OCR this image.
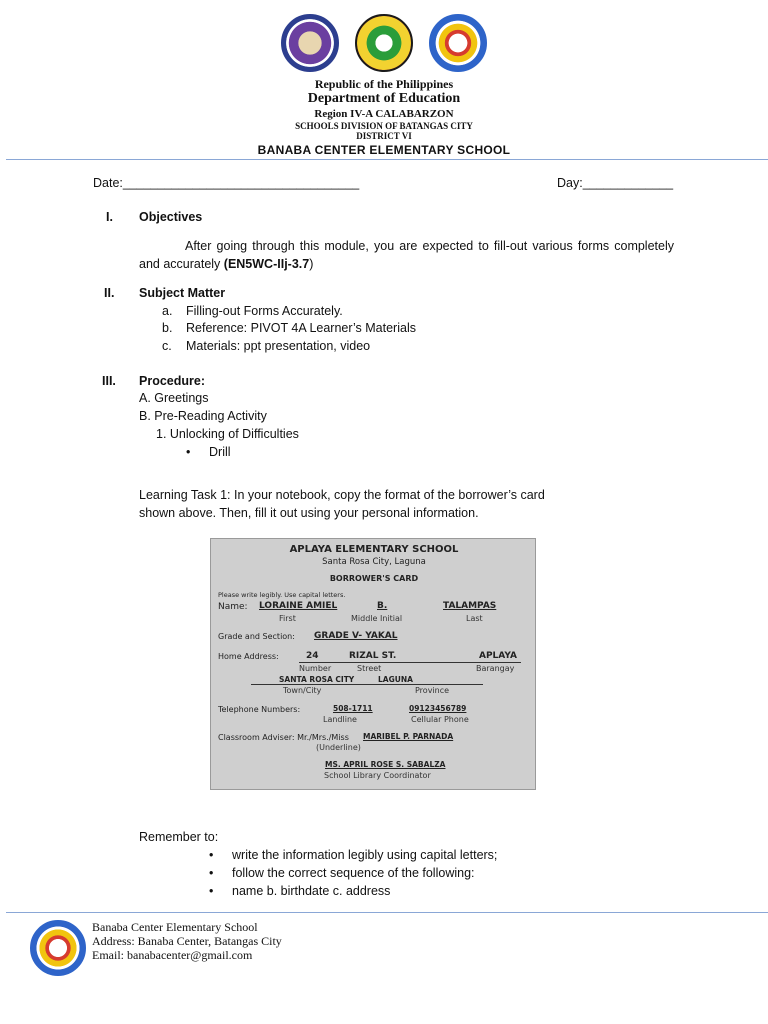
Republic of the Philippines
Department of Education
Region IV-A CALABARZON
SCHOOLS DIVISION OF BATANGAS CITY
DISTRICT VI
BANABA CENTER ELEMENTARY SCHOOL
Date:__________________________________	Day:_____________
I. Objectives
After going through this module, you are expected to fill-out various forms completely and accurately (EN5WC-IIj-3.7)
II. Subject Matter
a. Filling-out Forms Accurately.
b. Reference: PIVOT 4A Learner’s Materials
c. Materials: ppt presentation, video
III. Procedure:
A. Greetings
B. Pre-Reading Activity
1. Unlocking of Difficulties
• Drill
Learning Task 1: In your notebook, copy the format of the borrower’s card
shown above. Then, fill it out using your personal information.
APLAYA ELEMENTARY SCHOOL
Santa Rosa City, Laguna
BORROWER'S CARD
Please write legibly. Use capital letters.
Name: LORAINE AMIEL	B.	TALAMPAS
First	Middle Initial	Last
Grade and Section: GRADE V- YAKAL
Home Address:	24	RIZAL ST.	APLAYA
Number	Street	Barangay
SANTA ROSA CITY	LAGUNA
Town/City	Province
Telephone Numbers:	508-1711	09123456789
Landline	Cellular Phone
Classroom Adviser: Mr./Mrs./Miss MARIBEL P. PARNADA
(Underline)
MS. APRIL ROSE S. SABALZA
School Library Coordinator
Remember to:
• write the information legibly using capital letters;
• follow the correct sequence of the following:
• name b. birthdate c. address
Banaba Center Elementary School
Address: Banaba Center, Batangas City
Email: banabacenter@gmail.com
